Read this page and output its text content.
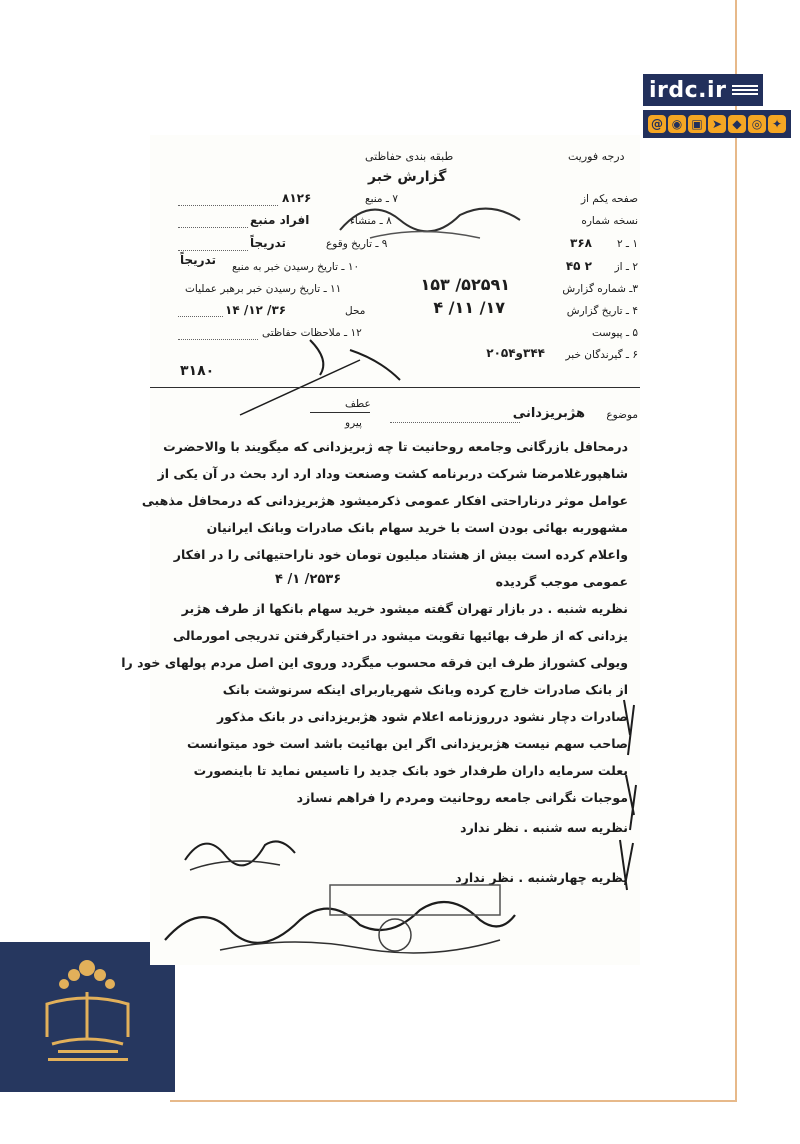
irdc.ir
@ ◉ ▣ ➤ ◆ ◎ ✦
درجه فوریت
طبقه بندی حفاظتی
گزارش خبر
صفحه یکم از
نسخه شماره
۱ ـ ۲
۳۶۸
۲ ـ از
۲ ۴۵
۳ـ شماره گزارش
۵۲۵۹۱/ ۱۵۳
۴ ـ تاریخ گزارش
۱۷/ ۱۱/ ۴
۵ ـ پیوست
۶ ـ گیرندگان خبر
۳۴۴و۲۰۵۴
۷ ـ منبع
۸۱۲۶
۸ ـ منشاء
افراد منبع
۹ ـ تاریخ وقوع
تدریجاً
۱۰ ـ تاریخ رسیدن خبر به منبع
تدریجاً
۱۱ ـ تاریخ رسیدن خبر برهبر عملیات
محل
۳۶/ ۱۲/ ۱۴
۱۲ ـ ملاحظات حفاظتی
۳۱۸۰
عطف
پیرو
موضوع
هژبریزدانی
درمحافل بازرگانی وجامعه روحانیت تا چه ژبریزدانی که میگویند با والاحضرت
شاهپورغلامرضا شرکت دربرنامه کشت وصنعت وداد ارد ارد بحث در آن یکی از
عوامل موثر درناراحتی افکار عمومی ذکرمیشود هژبریزدانی که درمحافل مذهبی
مشهوربه بهائی بودن است با خرید سهام بانک صادرات وبانک ایرانیان
واعلام کرده است بیش از هشتاد میلیون تومان خود ناراحتیهائی را در افکار
عمومی موجب گردیده
۲۵۳۶/ ۱/ ۴
نظریه شنبه . در بازار تهران گفته میشود خرید سهام بانکها از طرف هژبر
یزدانی که از طرف بهائیها تقویت میشود در اختیارگرفتن تدریجی امورمالی
ویولی کشوراز طرف این فرقه محسوب میگردد وروی این اصل مردم پولهای خود را
از بانک صادرات خارج کرده وبانک شهریاربرای اینکه سرنوشت بانک
صادرات دچار نشود درروزنامه اعلام شود هژبریزدانی در بانک مذکور
صاحب سهم نیست هژبریزدانی اگر این بهائیت باشد است خود میتوانست
بعلت سرمایه داران طرفدار خود بانک جدید را تاسیس نماید تا باینصورت
موجبات نگرانی جامعه روحانیت ومردم را فراهم نسازد
نظریه سه شنبه . نظر ندارد
نظریه چهارشنبه . نظر ندارد
